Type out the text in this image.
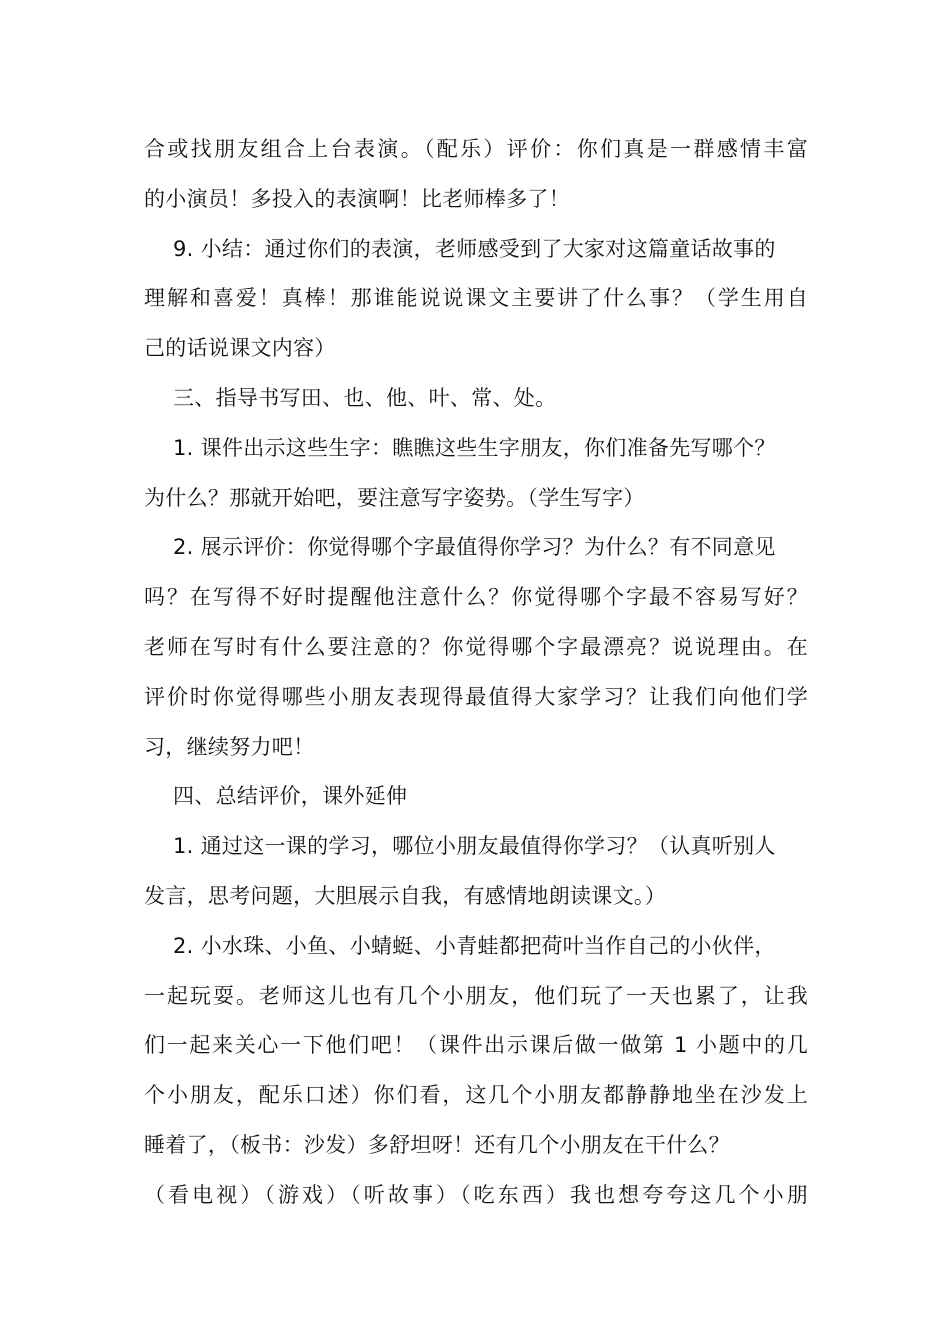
合或找朋友组合上台表演。（配乐）评价：你们真是一群感情丰富
的小演员！多投入的表演啊！比老师棒多了！
9. 小结：通过你们的表演，老师感受到了大家对这篇童话故事的
理解和喜爱！真棒！那谁能说说课文主要讲了什么事？（学生用自
己的话说课文内容）
三、指导书写田、也、他、叶、常、处。
1. 课件出示这些生字：瞧瞧这些生字朋友，你们准备先写哪个？
为什么？那就开始吧，要注意写字姿势。（学生写字）
2. 展示评价：你觉得哪个字最值得你学习？为什么？有不同意见
吗？在写得不好时提醒他注意什么？你觉得哪个字最不容易写好？
老师在写时有什么要注意的？你觉得哪个字最漂亮？说说理由。在
评价时你觉得哪些小朋友表现得最值得大家学习？让我们向他们学
习，继续努力吧！
四、总结评价，课外延伸
1. 通过这一课的学习，哪位小朋友最值得你学习？（认真听别人
发言，思考问题，大胆展示自我，有感情地朗读课文。）
2. 小水珠、小鱼、小蜻蜓、小青蛙都把荷叶当作自己的小伙伴，
一起玩耍。老师这儿也有几个小朋友，他们玩了一天也累了，让我
们一起来关心一下他们吧！（课件出示课后做一做第 1 小题中的几
个小朋友，配乐口述）你们看，这几个小朋友都静静地坐在沙发上
睡着了，（板书：沙发）多舒坦呀！还有几个小朋友在干什么？
（看电视）（游戏）（听故事）（吃东西）我也想夸夸这几个小朋
